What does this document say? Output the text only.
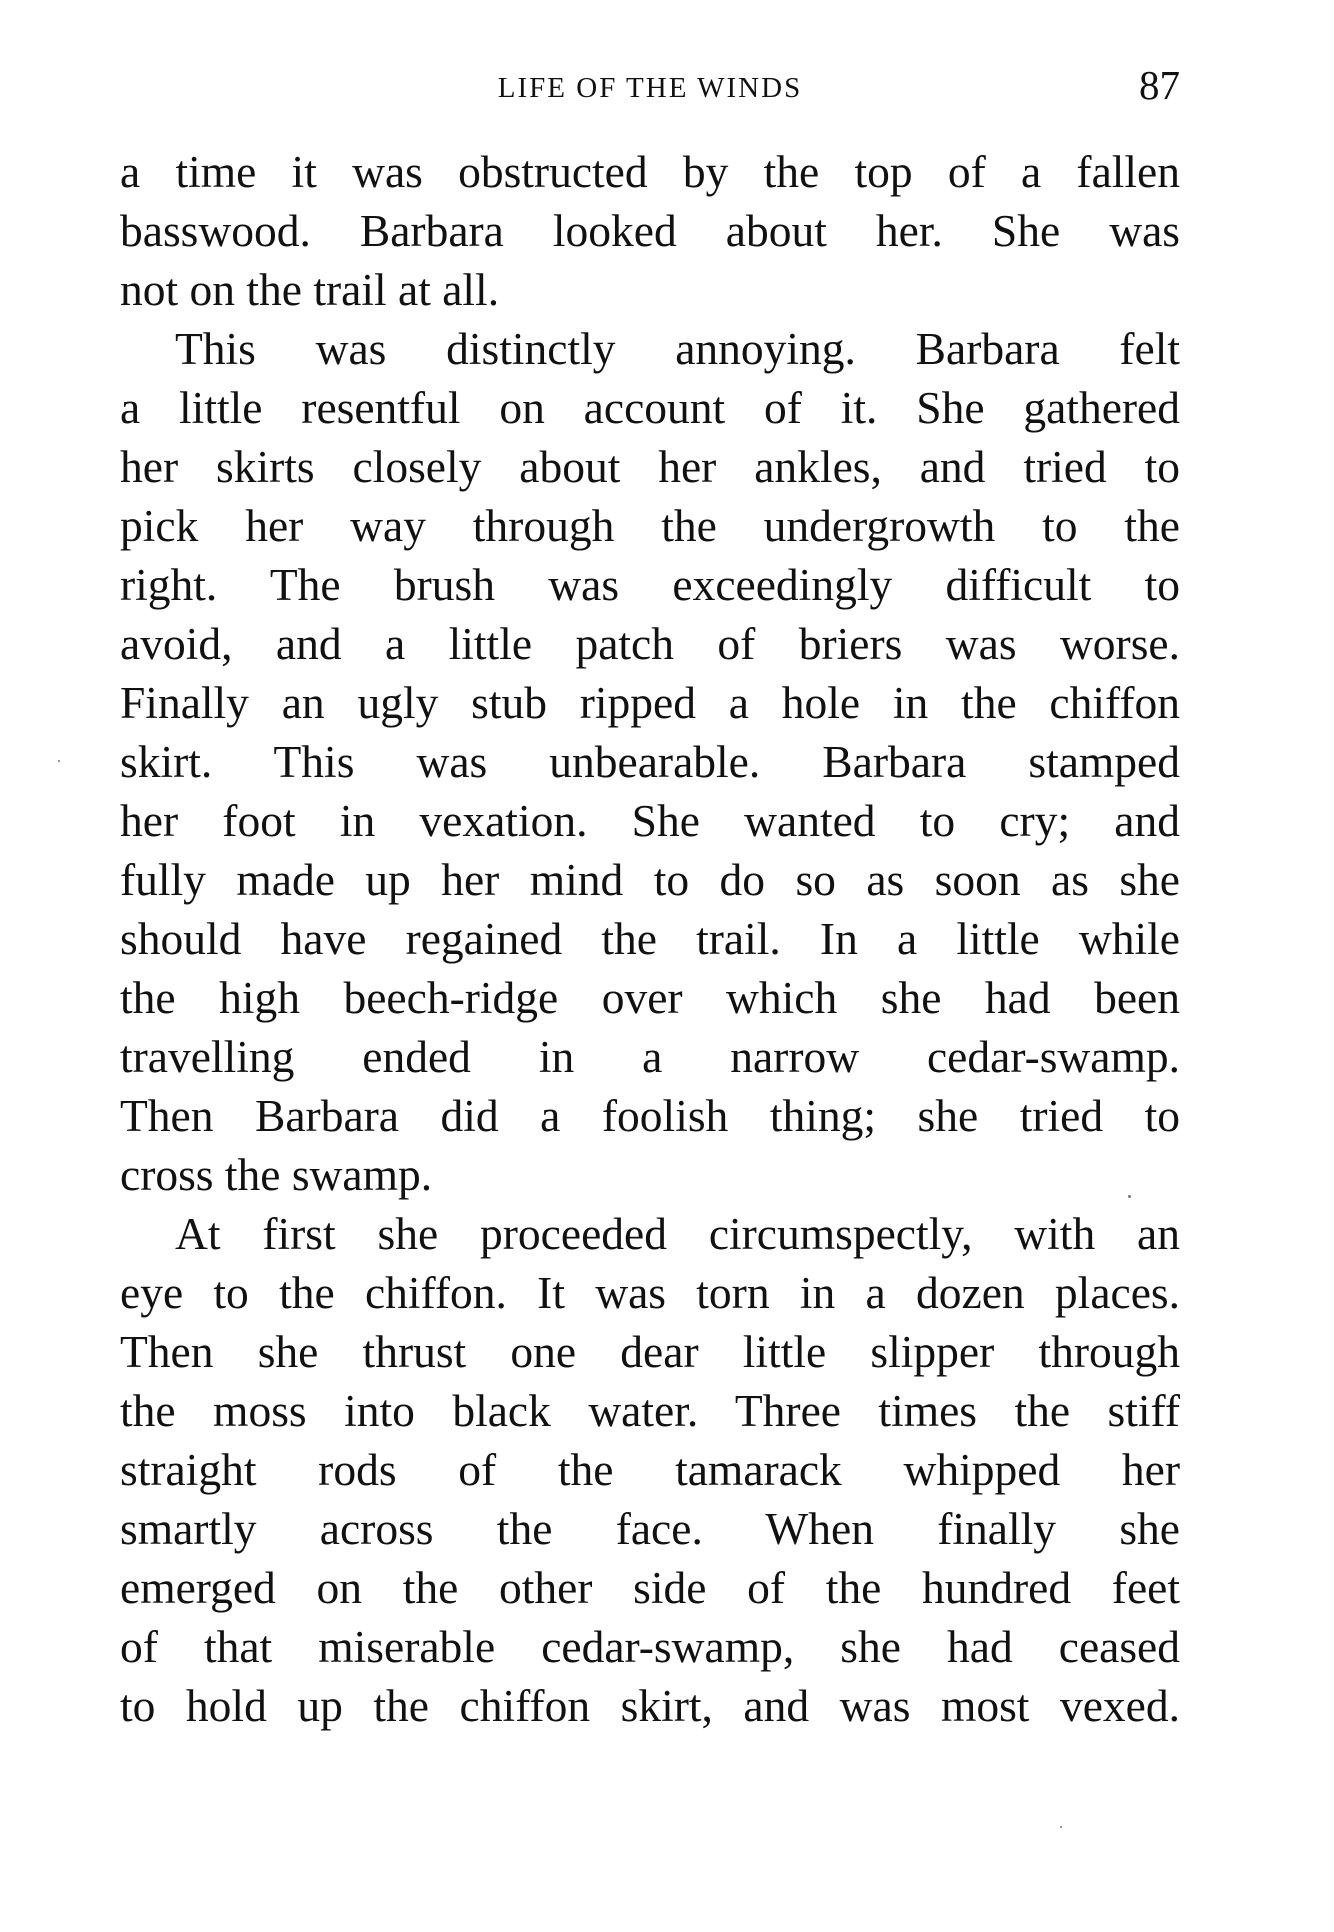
LIFE OF THE WINDS	87
a time it was obstructed by the top of a fallen
basswood. Barbara looked about her. She was
not on the trail at all.
This was distinctly annoying. Barbara felt
a little resentful on account of it. She gathered
her skirts closely about her ankles, and tried to
pick her way through the undergrowth to the
right. The brush was exceedingly difficult to
avoid, and a little patch of briers was worse.
Finally an ugly stub ripped a hole in the chiffon
skirt. This was unbearable. Barbara stamped
her foot in vexation. She wanted to cry; and
fully made up her mind to do so as soon as she
should have regained the trail. In a little while
the high beech-ridge over which she had been
travelling ended in a narrow cedar-swamp.
Then Barbara did a foolish thing; she tried to
cross the swamp.
At first she proceeded circumspectly, with an
eye to the chiffon. It was torn in a dozen places.
Then she thrust one dear little slipper through
the moss into black water. Three times the stiff
straight rods of the tamarack whipped her
smartly across the face. When finally she
emerged on the other side of the hundred feet
of that miserable cedar-swamp, she had ceased
to hold up the chiffon skirt, and was most vexed.
